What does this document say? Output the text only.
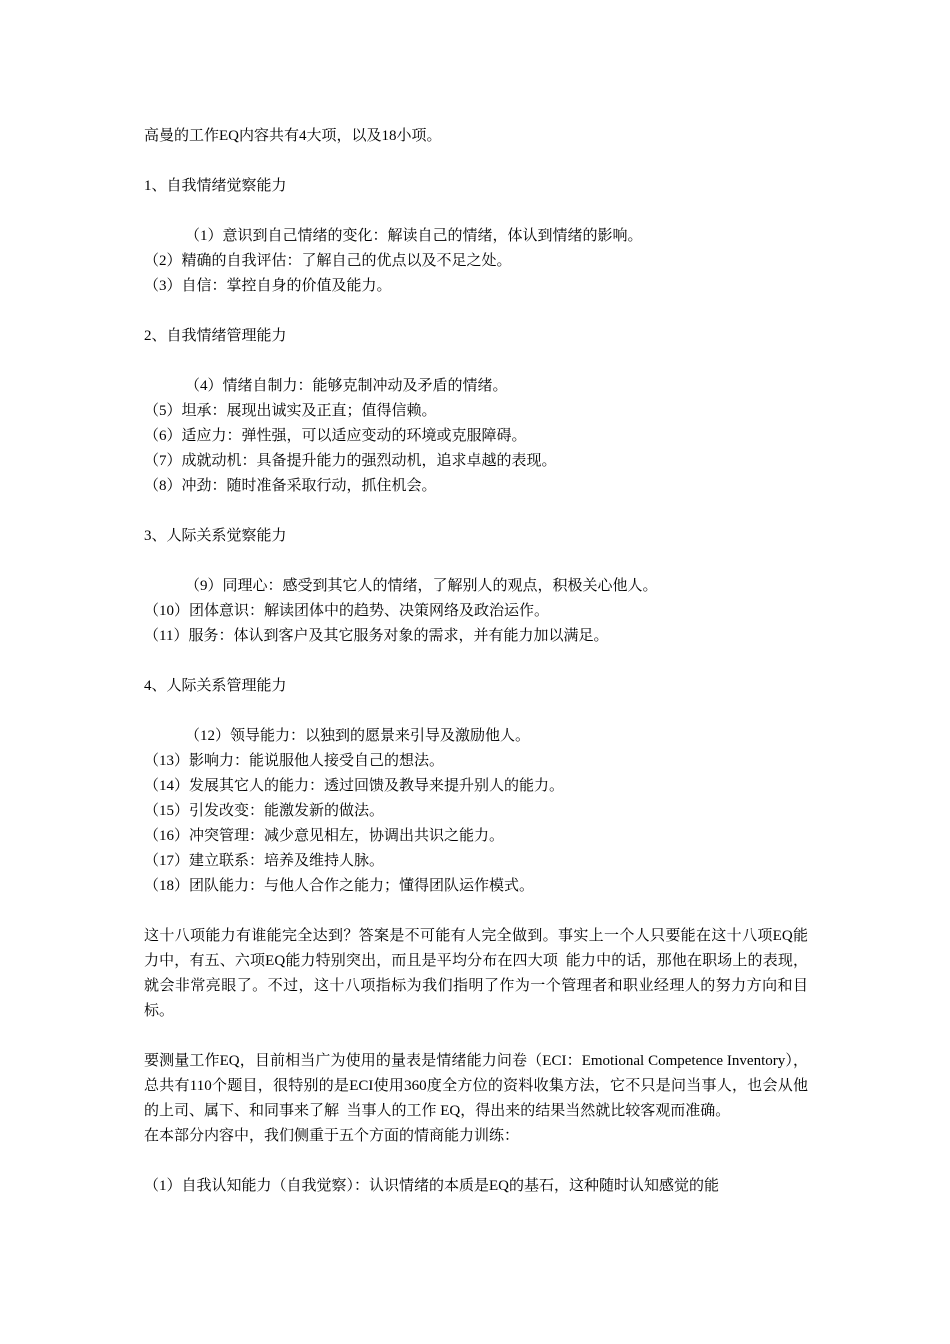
高曼的工作EQ内容共有4大项，以及18小项。

1、自我情绪觉察能力

（1）意识到自己情绪的变化：解读自己的情绪，体认到情绪的影响。

（2）精确的自我评估：了解自己的优点以及不足之处。

（3）自信：掌控自身的价值及能力。

2、自我情绪管理能力

（4）情绪自制力：能够克制冲动及矛盾的情绪。

（5）坦承：展现出诚实及正直；值得信赖。

（6）适应力：弹性强，可以适应变动的环境或克服障碍。

（7）成就动机：具备提升能力的强烈动机，追求卓越的表现。

（8）冲劲：随时准备采取行动，抓住机会。

3、人际关系觉察能力

（9）同理心：感受到其它人的情绪，了解别人的观点，积极关心他人。

（10）团体意识：解读团体中的趋势、决策网络及政治运作。

（11）服务：体认到客户及其它服务对象的需求，并有能力加以满足。

4、人际关系管理能力

（12）领导能力：以独到的愿景来引导及激励他人。

（13）影响力：能说服他人接受自己的想法。

（14）发展其它人的能力：透过回馈及教导来提升别人的能力。

（15）引发改变：能激发新的做法。

（16）冲突管理：减少意见相左，协调出共识之能力。

（17）建立联系：培养及维持人脉。

（18）团队能力：与他人合作之能力；懂得团队运作模式。

这十八项能力有谁能完全达到？答案是不可能有人完全做到。事实上一个人只要能在这十八项EQ能力中，有五、六项EQ能力特别突出，而且是平均分布在四大项  能力中的话，那他在职场上的表现，就会非常亮眼了。不过，这十八项指标为我们指明了作为一个管理者和职业经理人的努力方向和目标。

要测量工作EQ，目前相当广为使用的量表是情绪能力问卷（ECI：Emotional Competence Inventory），总共有110个题目，很特别的是ECI使用360度全方位的资料收集方法，它不只是问当事人，也会从他的上司、属下、和同事来了解  当事人的工作 EQ，得出来的结果当然就比较客观而准确。

在本部分内容中，我们侧重于五个方面的情商能力训练：

（1）自我认知能力（自我觉察）：认识情绪的本质是EQ的基石，这种随时认知感觉的能
